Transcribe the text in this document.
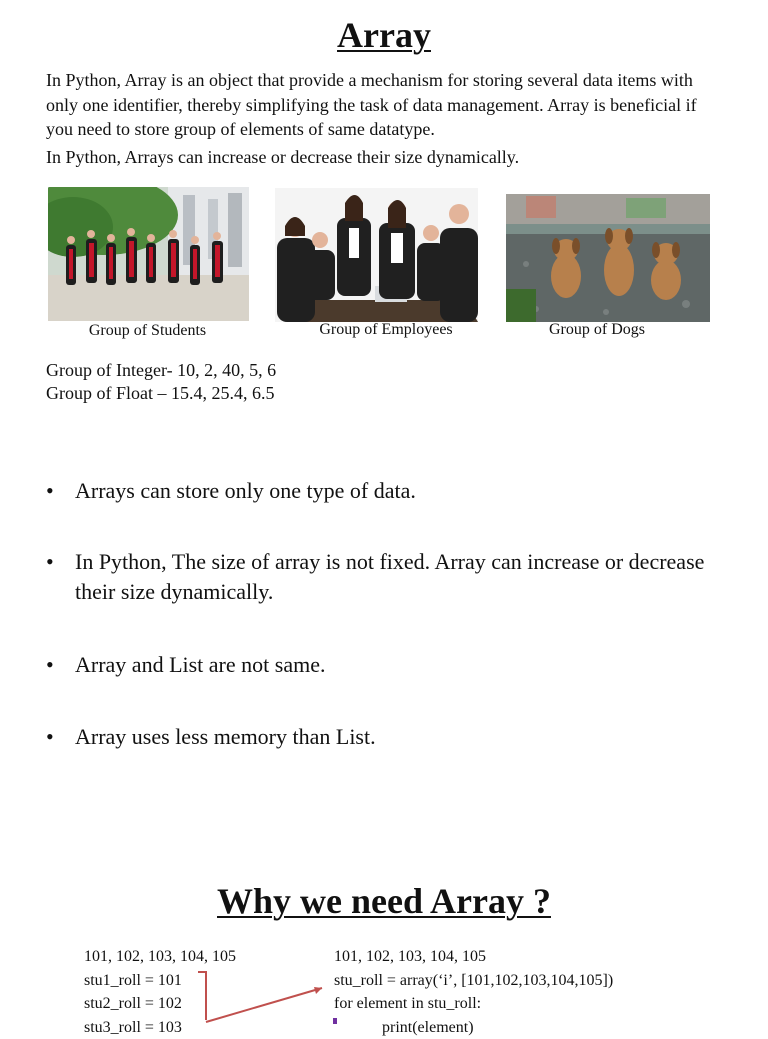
Array
In Python, Array is an object that provide a mechanism for storing several data items with only one identifier, thereby simplifying the task of data management. Array is beneficial if you need to store group of elements of same datatype.
In Python, Arrays can increase or decrease their size dynamically.
Group of Students	Group of Employees	Group of Dogs
Group of Integer- 10, 2, 40, 5, 6
Group of Float – 15.4, 25.4, 6.5
• Arrays can store only one type of data.
• In Python, The size of array is not fixed. Array can increase or decrease their size dynamically.
• Array and List are not same.
• Array uses less memory than List.
Why we need Array ?
101, 102, 103, 104, 105
stu1_roll = 101
stu2_roll = 102
stu3_roll = 103
101, 102, 103, 104, 105
stu_roll = array(‘i’, [101,102,103,104,105])
for element in stu_roll:
print(element)
